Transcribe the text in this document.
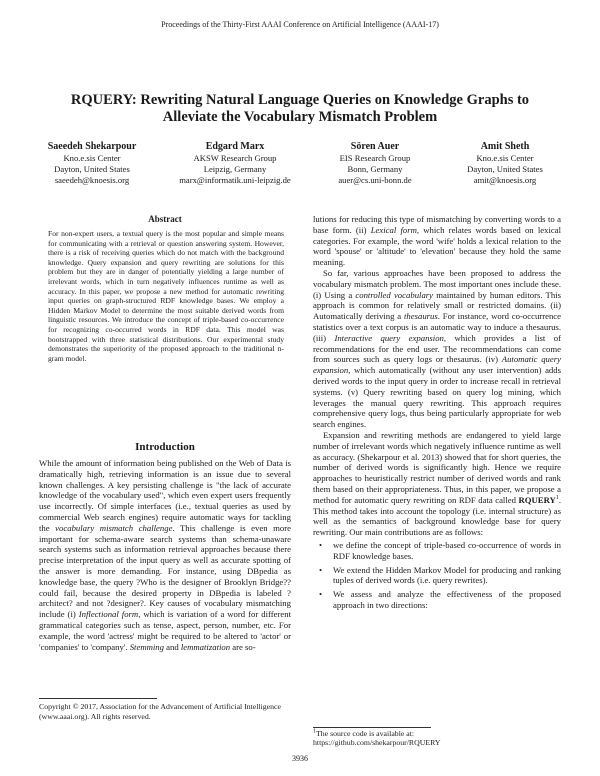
Proceedings of the Thirty-First AAAI Conference on Artificial Intelligence (AAAI-17)
RQUERY: Rewriting Natural Language Queries on Knowledge Graphs to Alleviate the Vocabulary Mismatch Problem
Saeedeh Shekarpour
Kno.e.sis Center
Dayton, United States
saeedeh@knoesis.org
Edgard Marx
AKSW Research Group
Leipzig, Germany
marx@informatik.uni-leipzig.de
Sören Auer
EIS Research Group
Bonn, Germany
auer@cs.uni-bonn.de
Amit Sheth
Kno.e.sis Center
Dayton, United States
amit@knoesis.org
Abstract
For non-expert users, a textual query is the most popular and simple means for communicating with a retrieval or question answering system. However, there is a risk of receiving queries which do not match with the background knowledge. Query expansion and query rewriting are solutions for this problem but they are in danger of potentially yielding a large number of irrelevant words, which in turn negatively influences runtime as well as accuracy. In this paper, we propose a new method for automatic rewriting input queries on graph-structured RDF knowledge bases. We employ a Hidden Markov Model to determine the most suitable derived words from linguistic resources. We introduce the concept of triple-based co-occurrence for recognizing co-occurred words in RDF data. This model was bootstrapped with three statistical distributions. Our experimental study demonstrates the superiority of the proposed approach to the traditional n-gram model.
Introduction

While the amount of information being published on the Web of Data is dramatically high, retrieving information is an issue due to several known challenges. A key persisting challenge is "the lack of accurate knowledge of the vocabulary used", which even expert users frequently use incorrectly. Of simple interfaces (i.e., textual queries as used by commercial Web search engines) require automatic ways for tackling the vocabulary mismatch challenge. This challenge is even more important for schema-aware search systems than schema-unaware search systems such as information retrieval approaches because there precise interpretation of the input query as well as accurate spotting of the answer is more demanding. For instance, using DBpedia as knowledge base, the query ?Who is the designer of Brooklyn Bridge?? could fail, because the desired property in DBpedia is labeled ?architect? and not ?designer?. Key causes of vocabulary mismatching include (i) Inflectional form, which is variation of a word for different grammatical categories such as tense, aspect, person, number, etc. For example, the word 'actress' might be required to be altered to 'actor' or 'companies' to 'company'. Stemming and lemmatization are so-

Copyright © 2017, Association for the Advancement of Artificial Intelligence (www.aaai.org). All rights reserved.

lutions for reducing this type of mismatching by converting words to a base form. (ii) Lexical form, which relates words based on lexical categories. For example, the word 'wife' holds a lexical relation to the word 'spouse' or 'altitude' to 'elevation' because they hold the same meaning.

So far, various approaches have been proposed to address the vocabulary mismatch problem. The most important ones include these. (i) Using a controlled vocabulary maintained by human editors. This approach is common for relatively small or restricted domains. (ii) Automatically deriving a thesaurus. For instance, word co-occurrence statistics over a text corpus is an automatic way to induce a thesaurus. (iii) Interactive query expansion, which provides a list of recommendations for the end user. The recommendations can come from sources such as query logs or thesaurus. (iv) Automatic query expansion, which automatically (without any user intervention) adds derived words to the input query in order to increase recall in retrieval systems. (v) Query rewriting based on query log mining, which leverages the manual query rewriting. This approach requires comprehensive query logs, thus being particularly appropriate for web search engines.

Expansion and rewriting methods are endangered to yield large number of irrelevant words which negatively influence runtime as well as accuracy. (Shekarpour et al. 2013) showed that for short queries, the number of derived words is significantly high. Hence we require approaches to heuristically restrict number of derived words and rank them based on their appropriateness. Thus, in this paper, we propose a method for automatic query rewriting on RDF data called RQUERY$^1$. This method takes into account the topology (i.e. internal structure) as well as the semantics of background knowledge base for query rewriting. Our main contributions are as follows:

• we define the concept of triple-based co-occurrence of words in RDF knowledge bases.
• We extend the Hidden Markov Model for producing and ranking tuples of derived words (i.e. query rewrites).
• We assess and analyze the effectiveness of the proposed approach in two directions:
$^1$The source code is available at:
https://github.com/shekarpour/RQUERY
3936
